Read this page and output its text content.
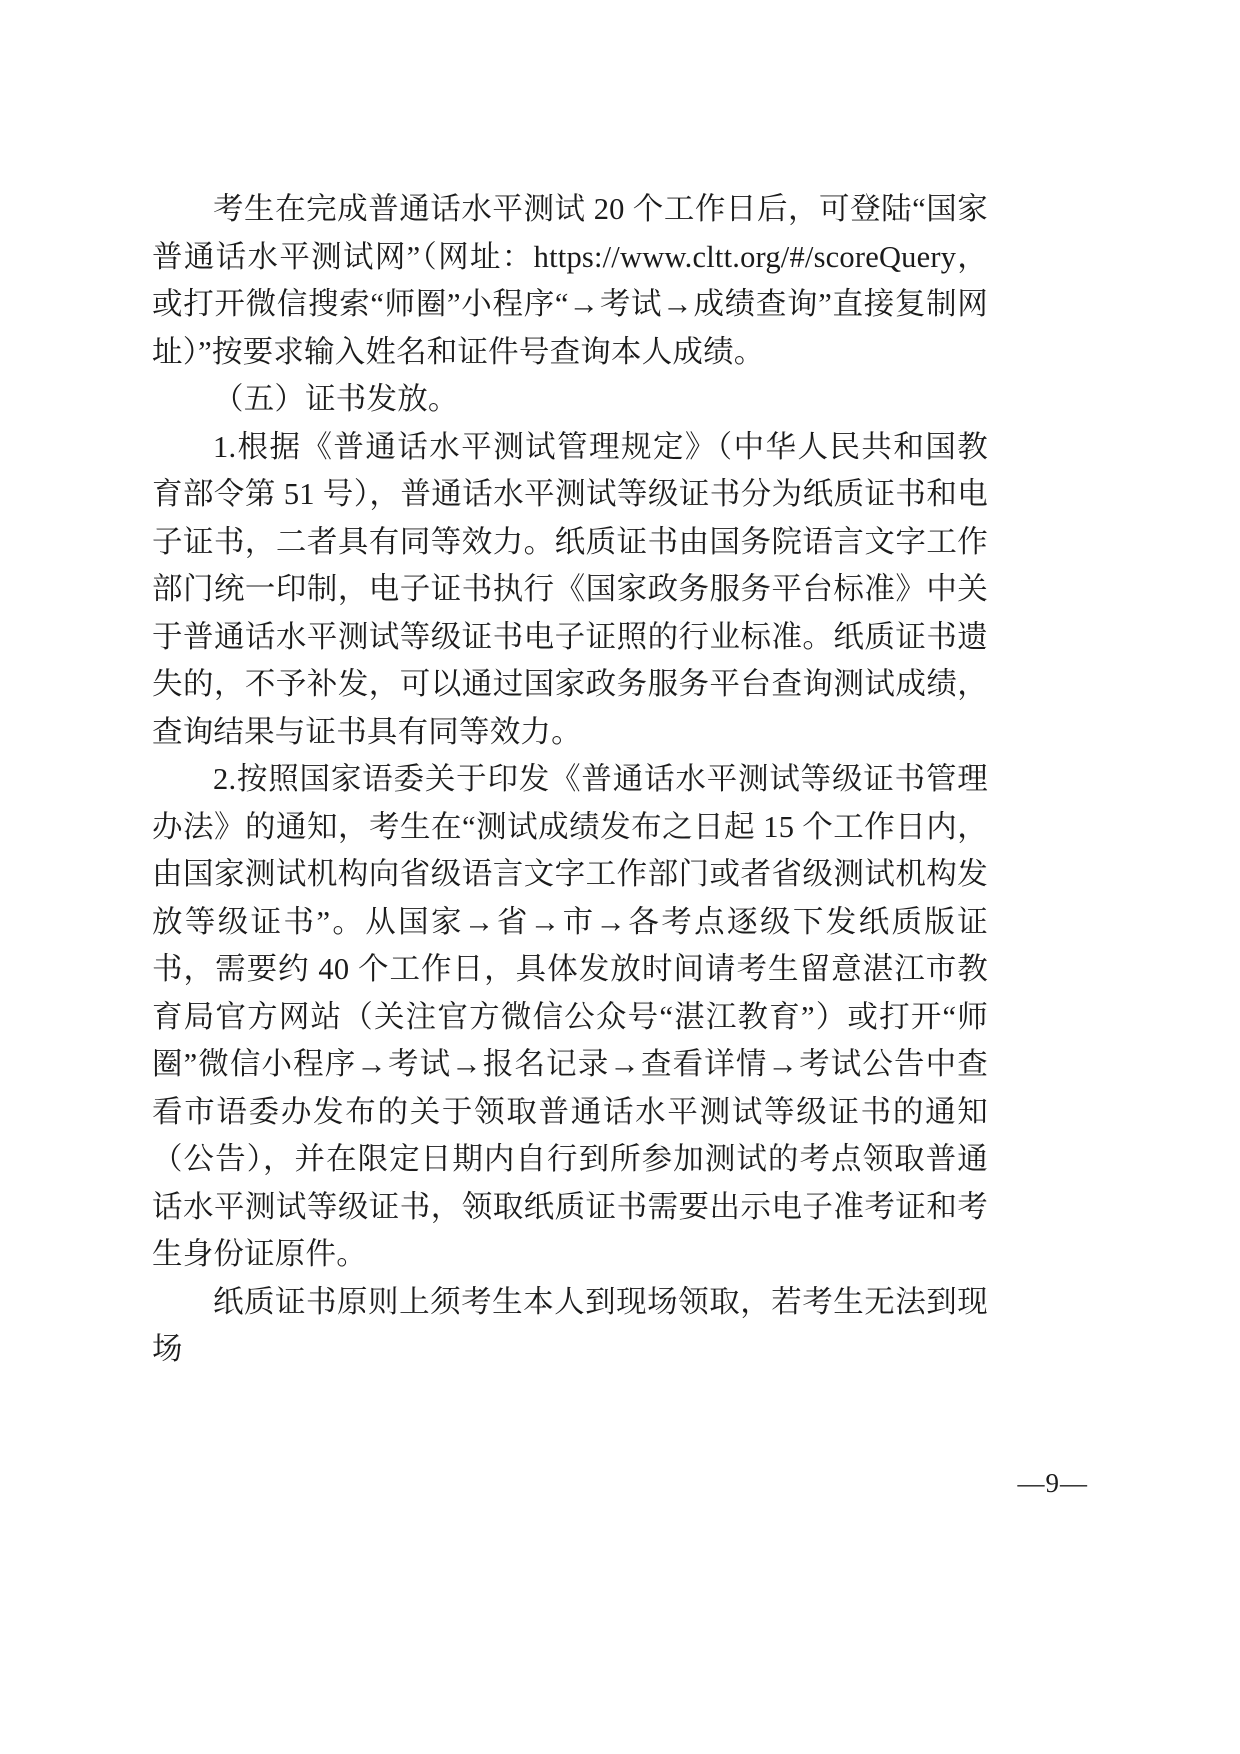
考生在完成普通话水平测试 20 个工作日后，可登陆“国家普通话水平测试网”（网址：https://www.cltt.org/#/scoreQuery，或打开微信搜索“师圈”小程序“→考试→成绩查询”直接复制网址）”按要求输入姓名和证件号查询本人成绩。

（五）证书发放。

1.根据《普通话水平测试管理规定》（中华人民共和国教育部令第 51 号），普通话水平测试等级证书分为纸质证书和电子证书，二者具有同等效力。纸质证书由国务院语言文字工作部门统一印制，电子证书执行《国家政务服务平台标准》中关于普通话水平测试等级证书电子证照的行业标准。纸质证书遗失的，不予补发，可以通过国家政务服务平台查询测试成绩，查询结果与证书具有同等效力。

2.按照国家语委关于印发《普通话水平测试等级证书管理办法》的通知，考生在“测试成绩发布之日起 15 个工作日内，由国家测试机构向省级语言文字工作部门或者省级测试机构发放等级证书”。从国家→省→市→各考点逐级下发纸质版证书，需要约 40 个工作日，具体发放时间请考生留意湛江市教育局官方网站（关注官方微信公众号“湛江教育”）或打开“师圈”微信小程序→考试→报名记录→查看详情→考试公告中查看市语委办发布的关于领取普通话水平测试等级证书的通知（公告），并在限定日期内自行到所参加测试的考点领取普通话水平测试等级证书，领取纸质证书需要出示电子准考证和考生身份证原件。

纸质证书原则上须考生本人到现场领取，若考生无法到现场

—9—
